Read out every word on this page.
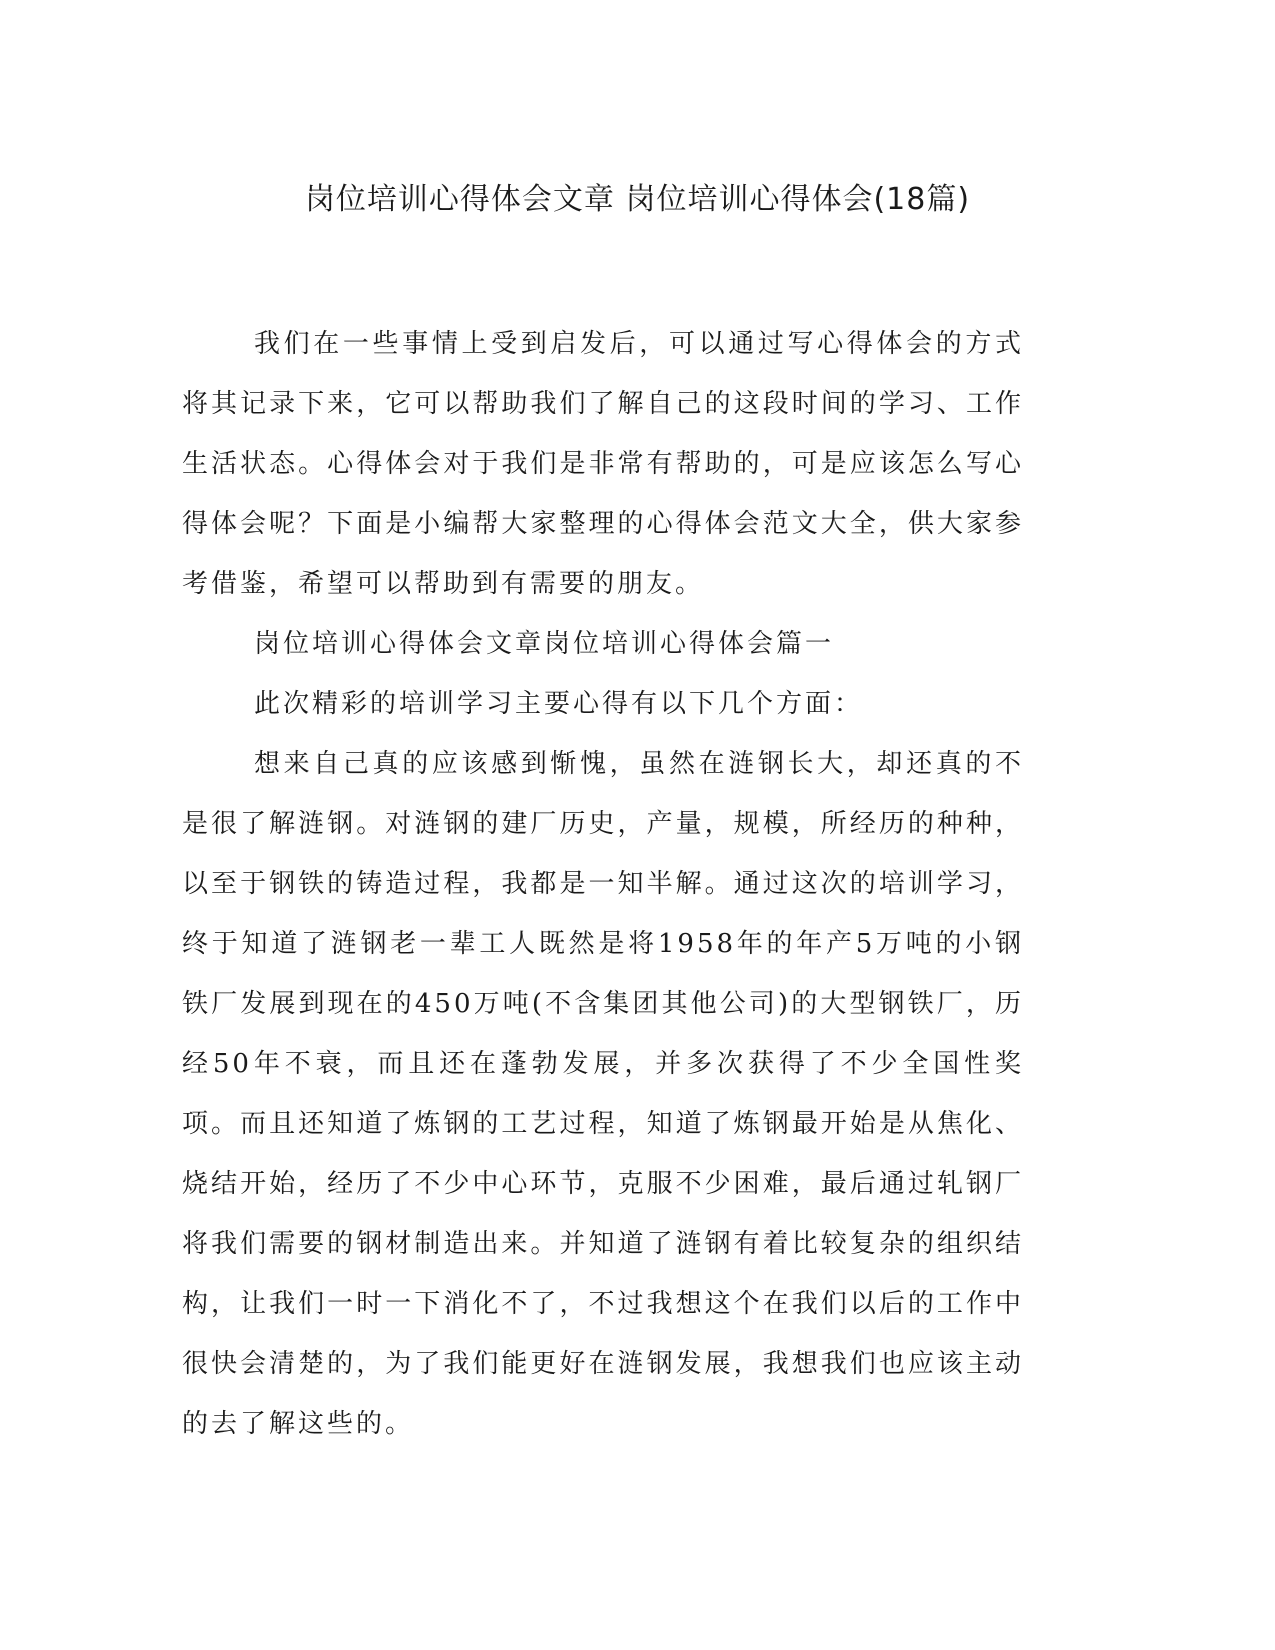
岗位培训心得体会文章 岗位培训心得体会(18篇)

我们在一些事情上受到启发后，可以通过写心得体会的方式将其记录下来，它可以帮助我们了解自己的这段时间的学习、工作生活状态。心得体会对于我们是非常有帮助的，可是应该怎么写心得体会呢？下面是小编帮大家整理的心得体会范文大全，供大家参考借鉴，希望可以帮助到有需要的朋友。

岗位培训心得体会文章岗位培训心得体会篇一

此次精彩的培训学习主要心得有以下几个方面：

想来自己真的应该感到惭愧，虽然在涟钢长大，却还真的不是很了解涟钢。对涟钢的建厂历史，产量，规模，所经历的种种，以至于钢铁的铸造过程，我都是一知半解。通过这次的培训学习，终于知道了涟钢老一辈工人既然是将1958年的年产5万吨的小钢铁厂发展到现在的450万吨(不含集团其他公司)的大型钢铁厂，历经50年不衰，而且还在蓬勃发展，并多次获得了不少全国性奖项。而且还知道了炼钢的工艺过程，知道了炼钢最开始是从焦化、烧结开始，经历了不少中心环节，克服不少困难，最后通过轧钢厂将我们需要的钢材制造出来。并知道了涟钢有着比较复杂的组织结构，让我们一时一下消化不了，不过我想这个在我们以后的工作中很快会清楚的，为了我们能更好在涟钢发展，我想我们也应该主动的去了解这些的。
